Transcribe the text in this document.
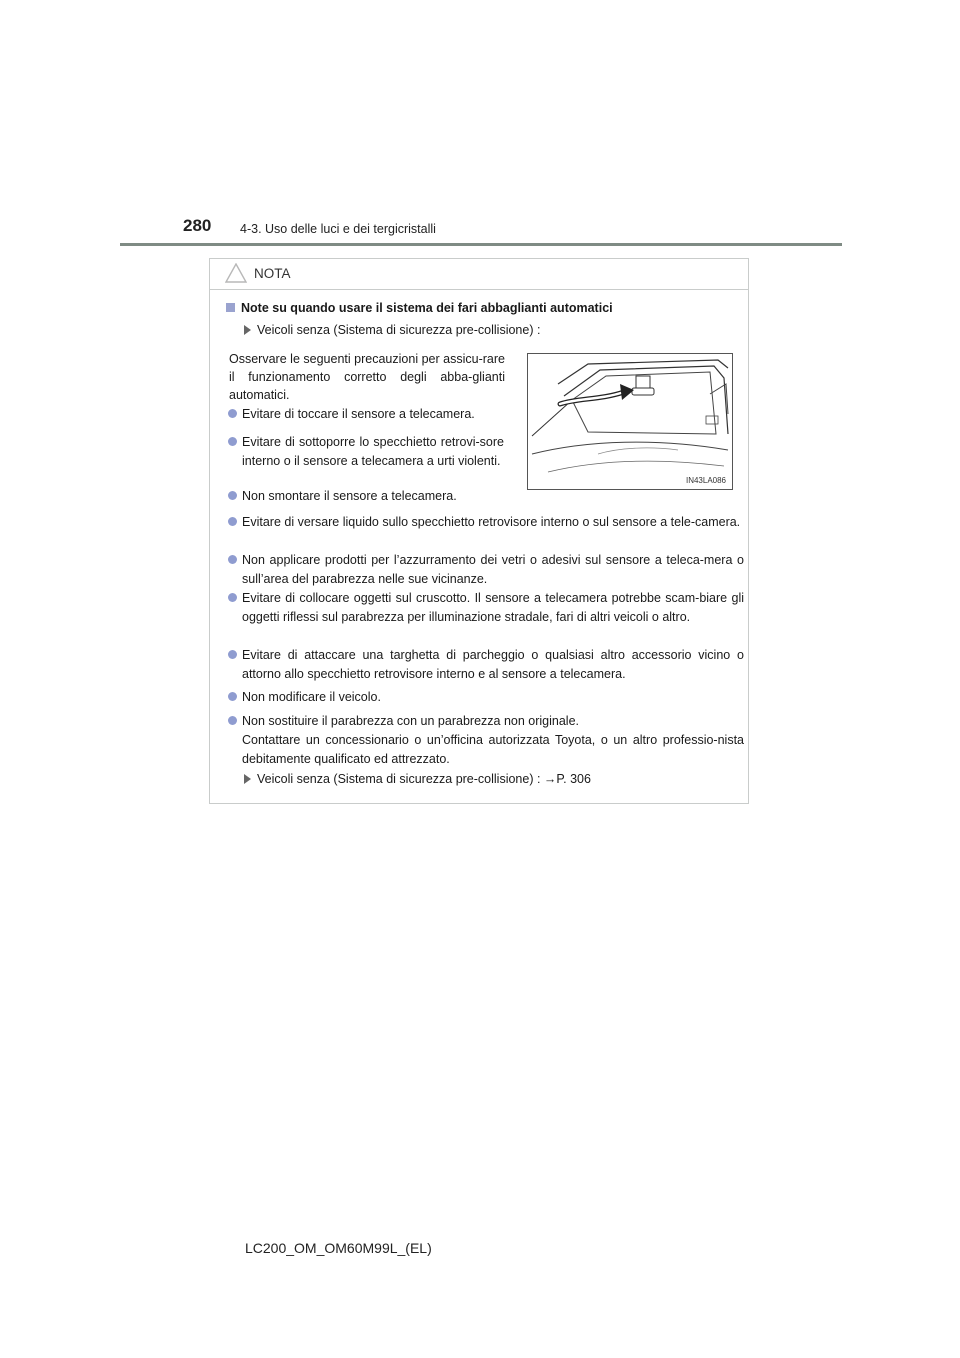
280 4-3. Uso delle luci e dei tergicristalli
NOTA
Note su quando usare il sistema dei fari abbaglianti automatici
Veicoli senza (Sistema di sicurezza pre-collisione) :
Osservare le seguenti precauzioni per assicu-rare il funzionamento corretto degli abba-glianti automatici.
IN43LA086
Evitare di toccare il sensore a telecamera.
Evitare di sottoporre lo specchietto retrovi-sore interno o il sensore a telecamera a urti violenti.
Non smontare il sensore a telecamera.
Evitare di versare liquido sullo specchietto retrovisore interno o sul sensore a tele-camera.
Non applicare prodotti per l’azzurramento dei vetri o adesivi sul sensore a teleca-mera o sull’area del parabrezza nelle sue vicinanze.
Evitare di collocare oggetti sul cruscotto. Il sensore a telecamera potrebbe scam-biare gli oggetti riflessi sul parabrezza per illuminazione stradale, fari di altri veicoli o altro.
Evitare di attaccare una targhetta di parcheggio o qualsiasi altro accessorio vicino o attorno allo specchietto retrovisore interno e al sensore a telecamera.
Non modificare il veicolo.
Non sostituire il parabrezza con un parabrezza non originale.
Contattare un concessionario o un’officina autorizzata Toyota, o un altro professio-nista debitamente qualificato ed attrezzato.
Veicoli senza (Sistema di sicurezza pre-collisione) : →P. 306
LC200_OM_OM60M99L_(EL)
